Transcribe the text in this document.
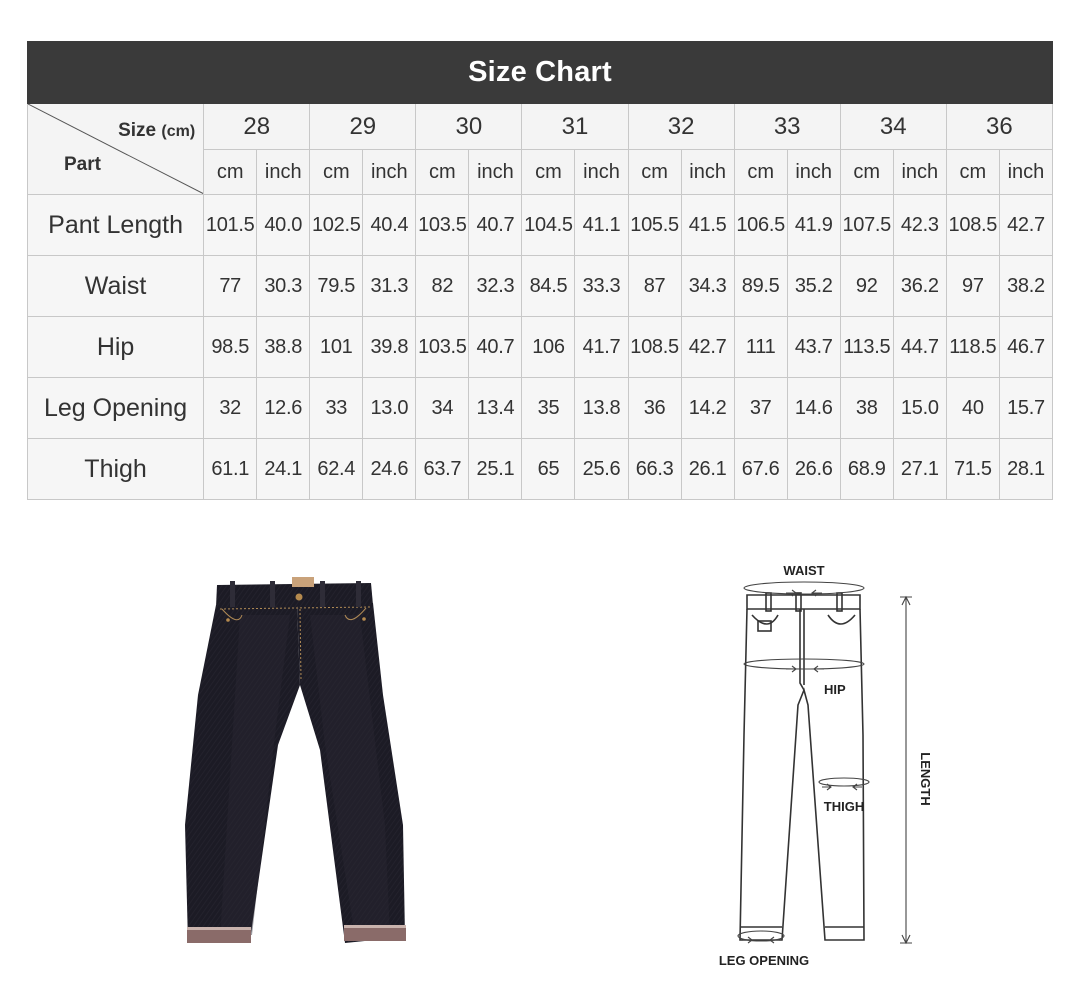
Size Chart																

Size (cm)
Part	28		29		30		31		32		33		34		36	
	cm	inch	cm	inch	cm	inch	cm	inch	cm	inch	cm	inch	cm	inch	cm	inch
Pant Length	101.5	40.0	102.5	40.4	103.5	40.7	104.5	41.1	105.5	41.5	106.5	41.9	107.5	42.3	108.5	42.7
Waist	77	30.3	79.5	31.3	82	32.3	84.5	33.3	87	34.3	89.5	35.2	92	36.2	97	38.2
Hip	98.5	38.8	101	39.8	103.5	40.7	106	41.7	108.5	42.7	111	43.7	113.5	44.7	118.5	46.7
Leg Opening	32	12.6	33	13.0	34	13.4	35	13.8	36	14.2	37	14.6	38	15.0	40	15.7
Thigh	61.1	24.1	62.4	24.6	63.7	25.1	65	25.6	66.3	26.1	67.6	26.6	68.9	27.1	71.5	28.1
WAIST
HIP
THIGH
LENGTH
LEG OPENING
